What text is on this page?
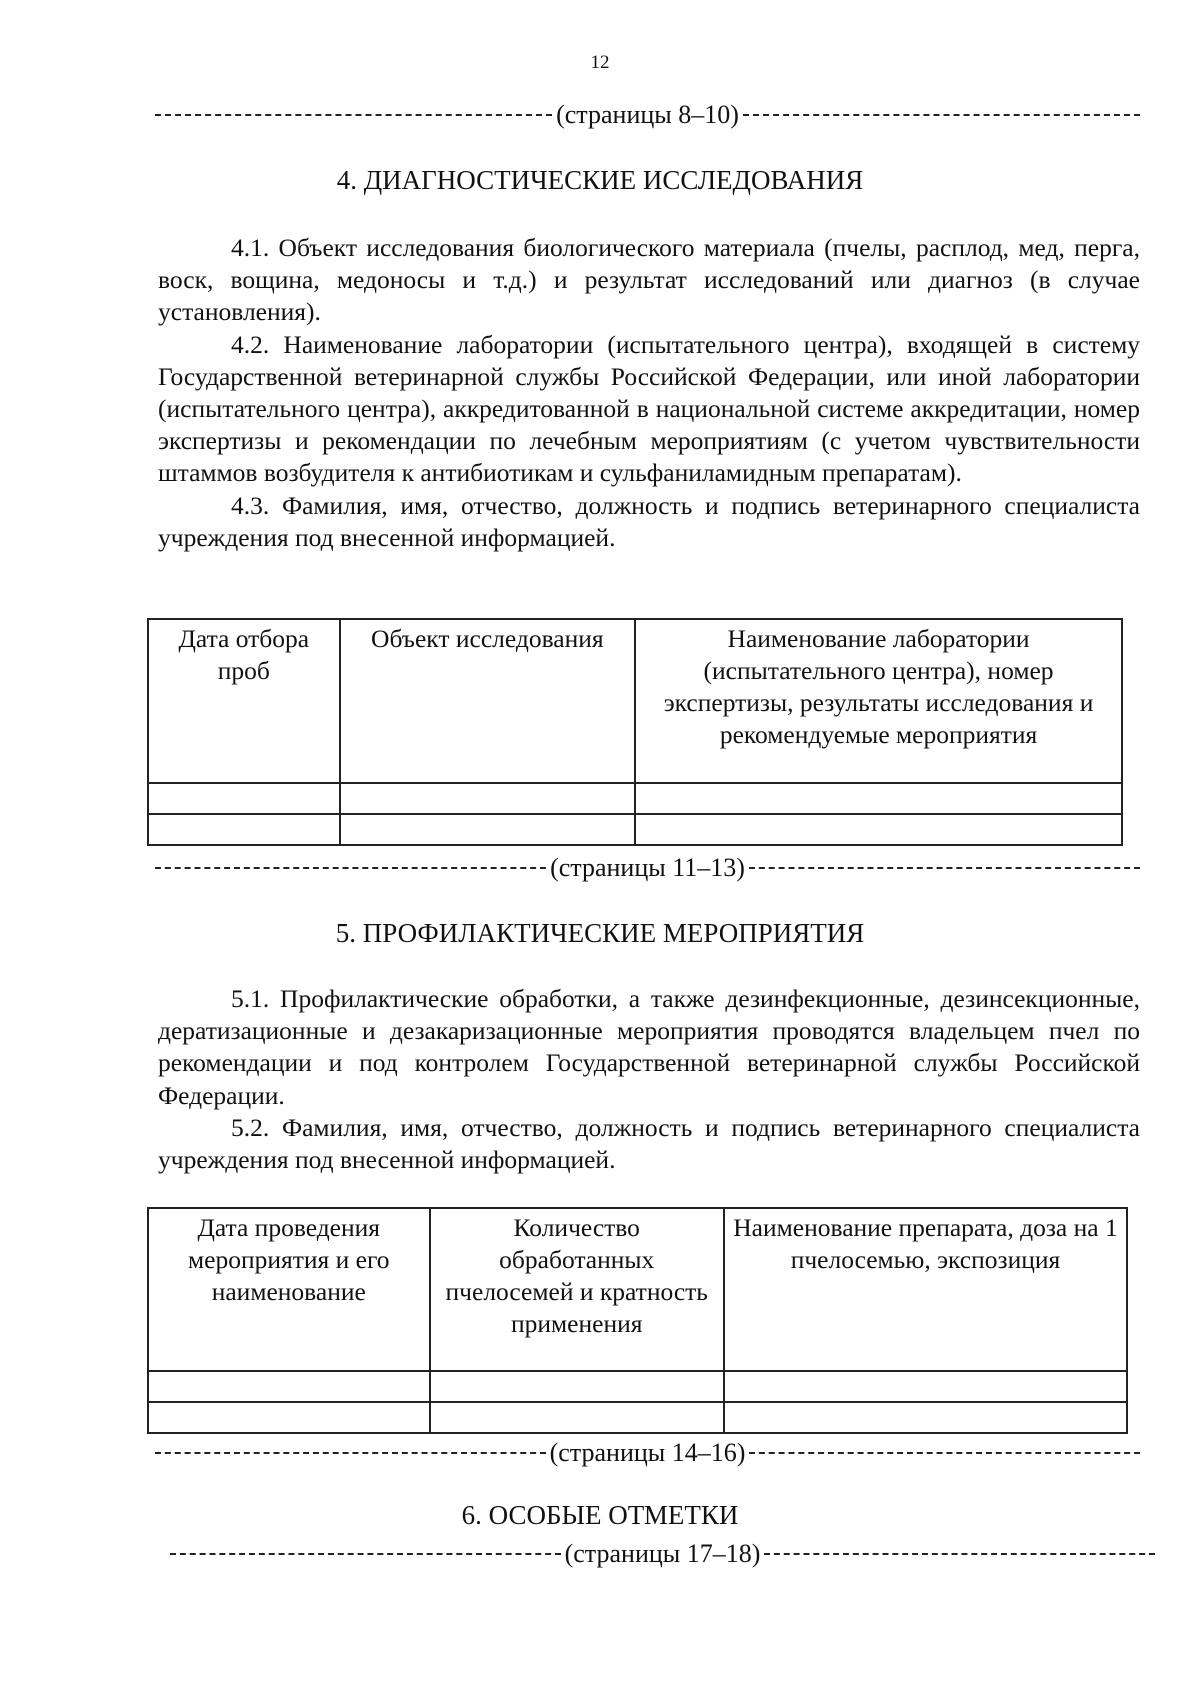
12
(страницы 8–10)
4. ДИАГНОСТИЧЕСКИЕ ИССЛЕДОВАНИЯ

4.1. Объект исследования биологического материала (пчелы, расплод, мед, перга, воск, вощина, медоносы и т.д.) и результат исследований или диагноз (в случае установления).

4.2. Наименование лаборатории (испытательного центра), входящей в систему Государственной ветеринарной службы Российской Федерации, или иной лаборатории (испытательного центра), аккредитованной в национальной системе аккредитации, номер экспертизы и рекомендации по лечебным мероприятиям (с учетом чувствительности штаммов возбудителя к антибиотикам и сульфаниламидным препаратам).

4.3. Фамилия, имя, отчество, должность и подпись ветеринарного специалиста учреждения под внесенной информацией.

Дата отбора проб	Объект исследования	Наименование лаборатории (испытательного центра), номер экспертизы, результаты исследования и рекомендуемые мероприятия

(страницы 11–13)
5. ПРОФИЛАКТИЧЕСКИЕ МЕРОПРИЯТИЯ

5.1. Профилактические обработки, а также дезинфекционные, дезинсекционные, дератизационные и дезакаризационные мероприятия проводятся владельцем пчел по рекомендации и под контролем Государственной ветеринарной службы Российской Федерации.

5.2. Фамилия, имя, отчество, должность и подпись ветеринарного специалиста учреждения под внесенной информацией.

Дата проведения мероприятия и его наименование	Количество обработанных пчелосемей и кратность применения	Наименование препарата, доза на 1 пчелосемью, экспозиция

(страницы 14–16)
6. ОСОБЫЕ ОТМЕТКИ
(страницы 17–18)
